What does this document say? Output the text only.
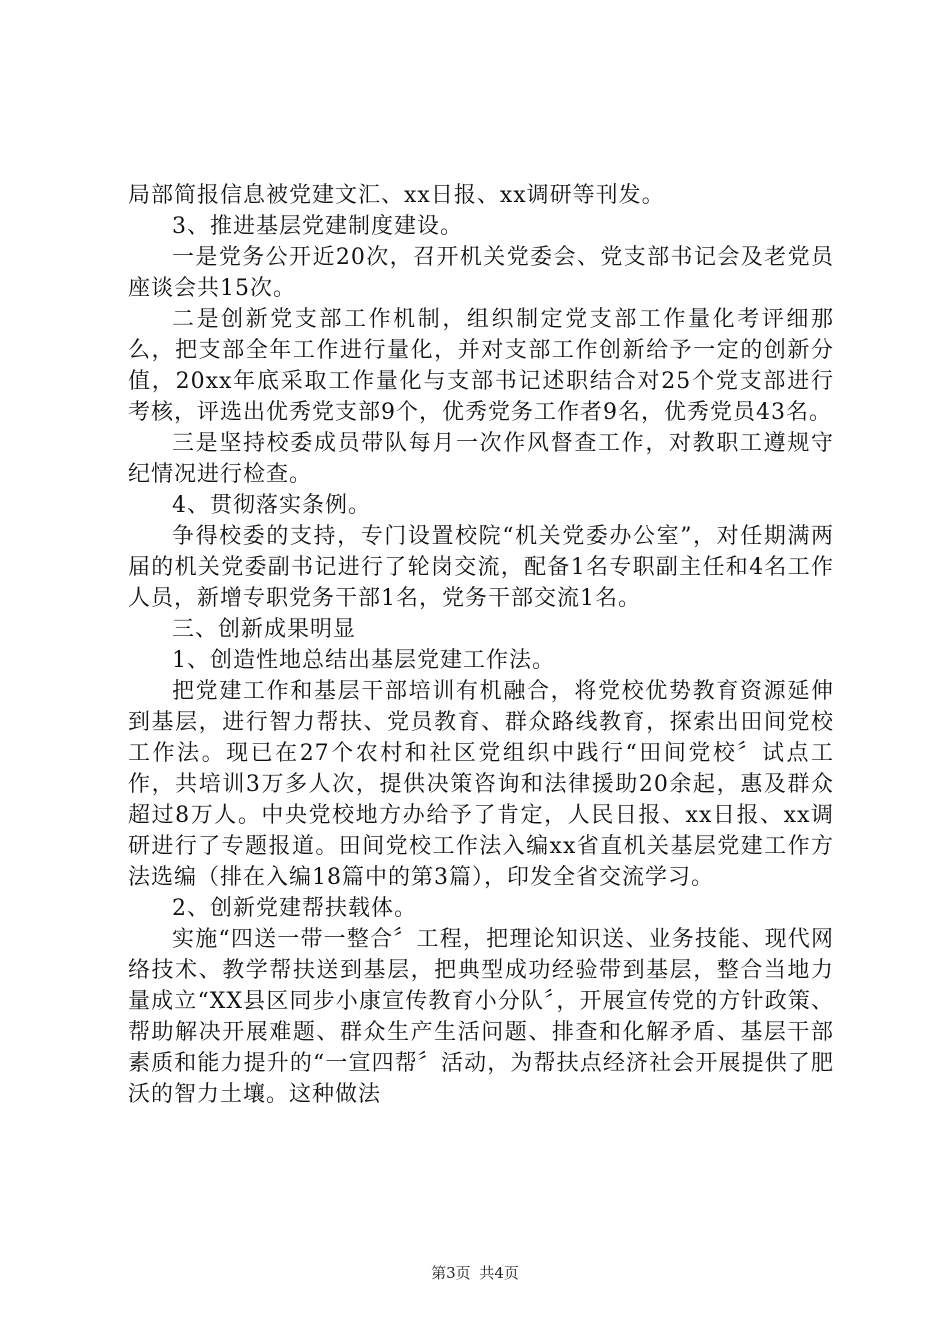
局部简报信息被党建文汇、xx日报、xx调研等刊发。

3、推进基层党建制度建设。

一是党务公开近20次，召开机关党委会、党支部书记会及老党员座谈会共15次。

二是创新党支部工作机制，组织制定党支部工作量化考评细那么，把支部全年工作进行量化，并对支部工作创新给予一定的创新分值，20xx年底采取工作量化与支部书记述职结合对25个党支部进行考核，评选出优秀党支部9个，优秀党务工作者9名，优秀党员43名。

三是坚持校委成员带队每月一次作风督查工作，对教职工遵规守纪情况进行检查。

4、贯彻落实条例。

争得校委的支持，专门设置校院“机关党委办公室”，对任期满两届的机关党委副书记进行了轮岗交流，配备1名专职副主任和4名工作人员，新增专职党务干部1名，党务干部交流1名。

三、创新成果明显

1、创造性地总结出基层党建工作法。

把党建工作和基层干部培训有机融合，将党校优势教育资源延伸到基层，进行智力帮扶、党员教育、群众路线教育，探索出田间党校工作法。现已在27个农村和社区党组织中践行“田间党校〞试点工作，共培训3万多人次，提供决策咨询和法律援助20余起，惠及群众超过8万人。中央党校地方办给予了肯定，人民日报、xx日报、xx调研进行了专题报道。田间党校工作法入编xx省直机关基层党建工作方法选编（排在入编18篇中的第3篇），印发全省交流学习。

2、创新党建帮扶载体。

实施“四送一带一整合〞工程，把理论知识送、业务技能、现代网络技术、教学帮扶送到基层，把典型成功经验带到基层，整合当地力量成立“XX县区同步小康宣传教育小分队〞，开展宣传党的方针政策、帮助解决开展难题、群众生产生活问题、排查和化解矛盾、基层干部素质和能力提升的“一宣四帮〞活动，为帮扶点经济社会开展提供了肥沃的智力土壤。这种做法

第3页 共4页
